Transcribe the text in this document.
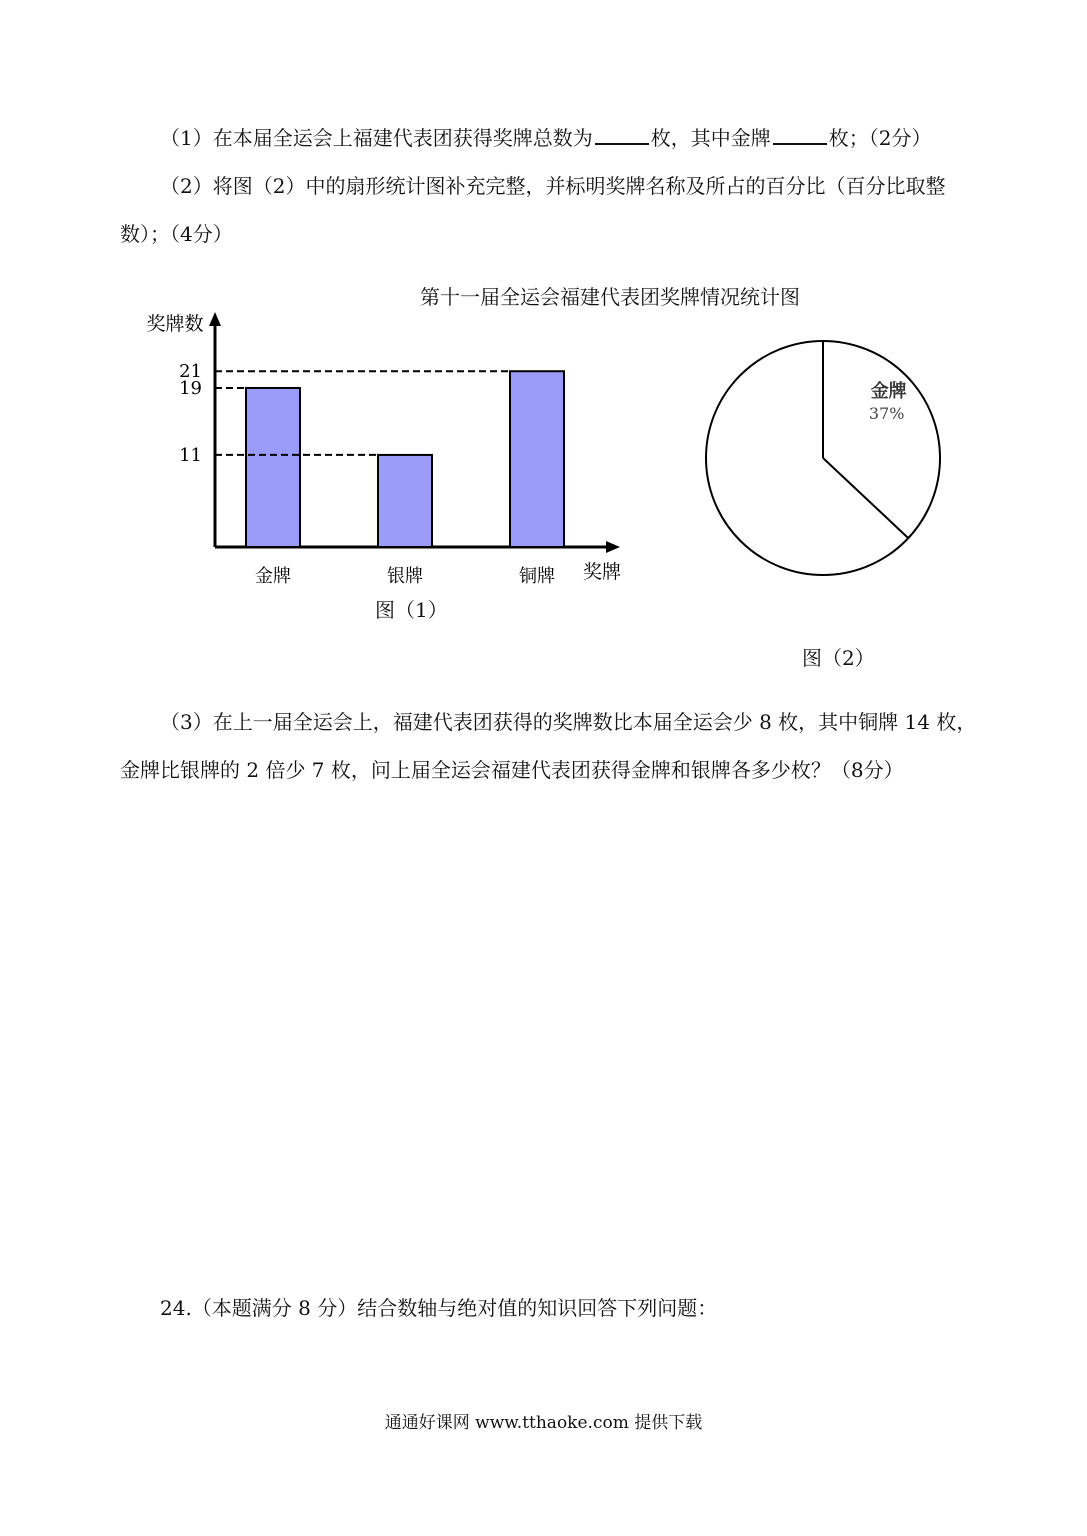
（1）在本届全运会上福建代表团获得奖牌总数为	枚，其中金牌	枚；（2分）
（2）将图（2）中的扇形统计图补充完整，并标明奖牌名称及所占的百分比（百分比取整数）；（4分）
第十一届全运会福建代表团奖牌情况统计图
奖牌数
奖牌
金牌	银牌	铜牌
11
19
21
图（1）
金牌
37%
图（2）
（3）在上一届全运会上，福建代表团获得的奖牌数比本届全运会少 8 枚，其中铜牌 14 枚，金牌比银牌的 2 倍少 7 枚，问上届全运会福建代表团获得金牌和银牌各多少枚？（8分）
24.（本题满分 8 分）结合数轴与绝对值的知识回答下列问题：
通通好课网 www.tthaoke.com 提供下载
